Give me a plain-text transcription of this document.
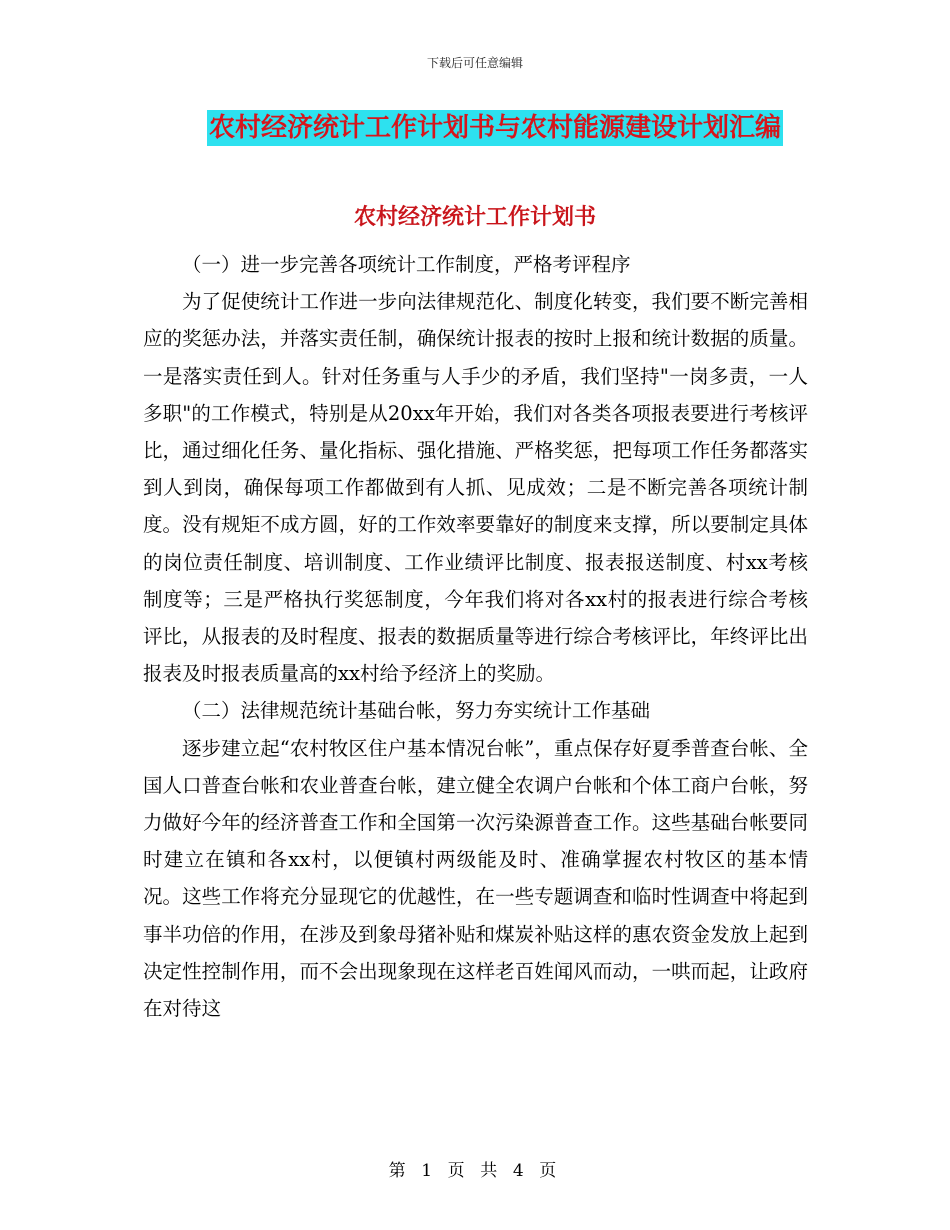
下载后可任意编辑
农村经济统计工作计划书与农村能源建设计划汇编
农村经济统计工作计划书

（一）进一步完善各项统计工作制度，严格考评程序

为了促使统计工作进一步向法律规范化、制度化转变，我们要不断完善相应的奖惩办法，并落实责任制，确保统计报表的按时上报和统计数据的质量。一是落实责任到人。针对任务重与人手少的矛盾，我们坚持"一岗多责，一人多职"的工作模式，特别是从20xx年开始，我们对各类各项报表要进行考核评比，通过细化任务、量化指标、强化措施、严格奖惩，把每项工作任务都落实到人到岗，确保每项工作都做到有人抓、见成效；二是不断完善各项统计制度。没有规矩不成方圆，好的工作效率要靠好的制度来支撑，所以要制定具体的岗位责任制度、培训制度、工作业绩评比制度、报表报送制度、村xx考核制度等；三是严格执行奖惩制度，今年我们将对各xx村的报表进行综合考核评比，从报表的及时程度、报表的数据质量等进行综合考核评比，年终评比出报表及时报表质量高的xx村给予经济上的奖励。

（二）法律规范统计基础台帐，努力夯实统计工作基础

逐步建立起“农村牧区住户基本情况台帐”，重点保存好夏季普查台帐、全国人口普查台帐和农业普查台帐，建立健全农调户台帐和个体工商户台帐，努力做好今年的经济普查工作和全国第一次污染源普查工作。这些基础台帐要同时建立在镇和各xx村，以便镇村两级能及时、准确掌握农村牧区的基本情况。这些工作将充分显现它的优越性，在一些专题调查和临时性调查中将起到事半功倍的作用，在涉及到象母猪补贴和煤炭补贴这样的惠农资金发放上起到决定性控制作用，而不会出现象现在这样老百姓闻风而动，一哄而起，让政府在对待这

第 1 页 共 4 页
